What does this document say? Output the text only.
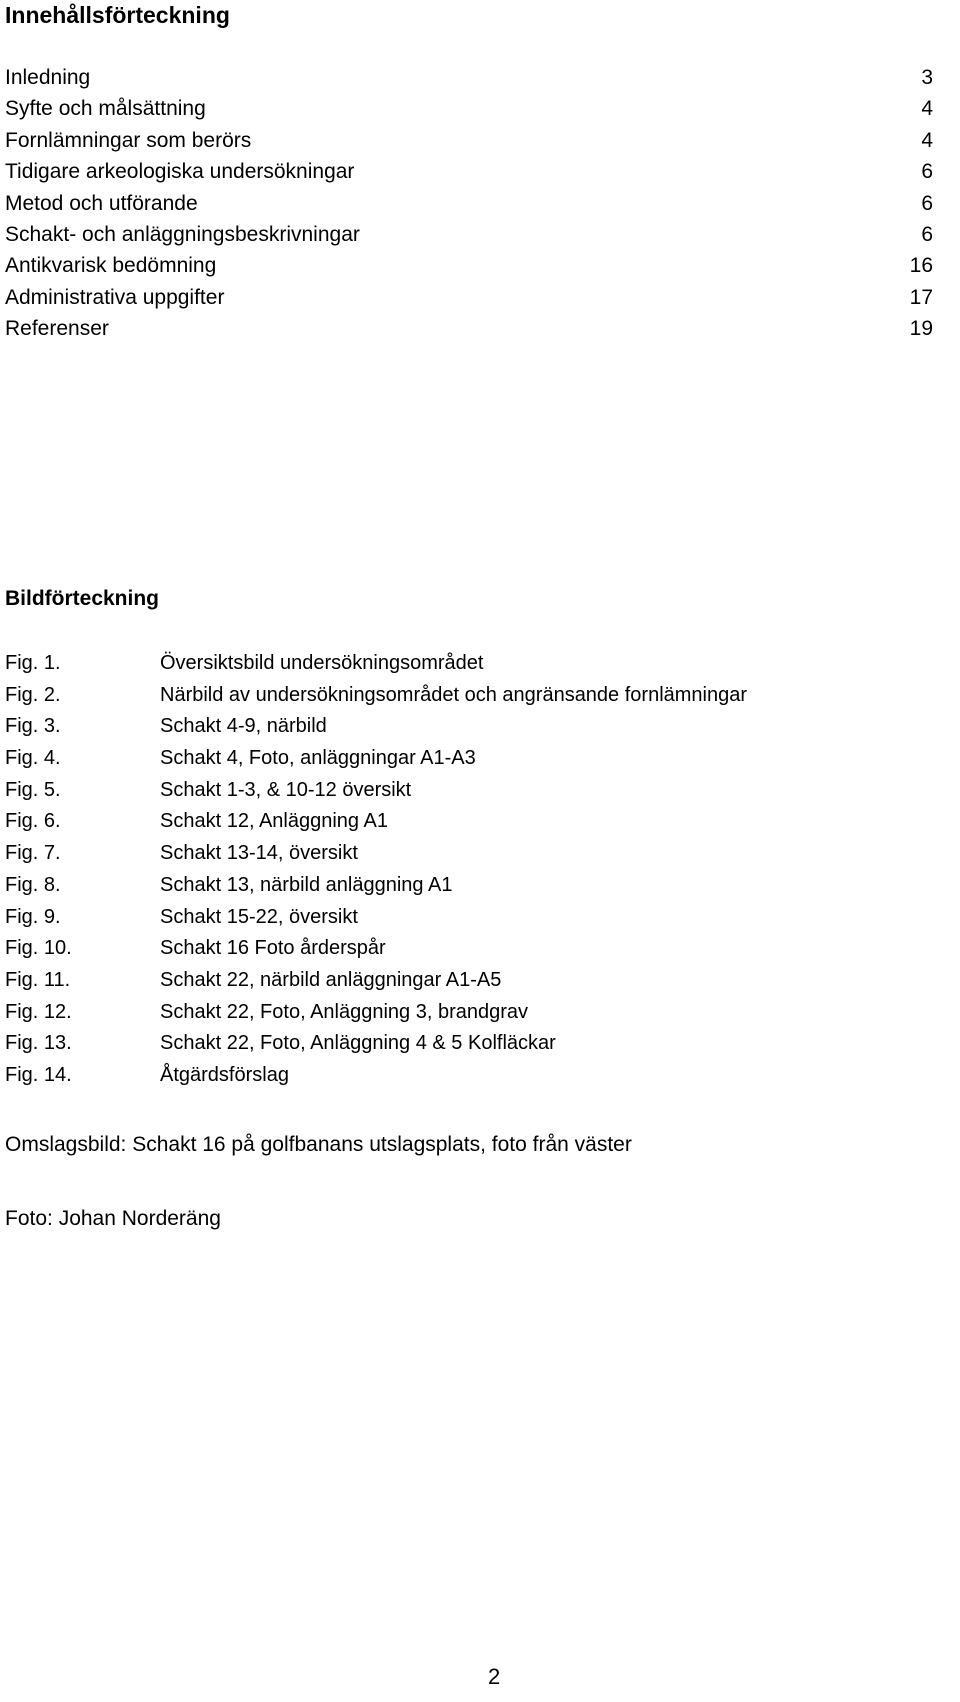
Innehållsförteckning
Inledning	3
Syfte och målsättning	4
Fornlämningar som berörs	4
Tidigare arkeologiska undersökningar	6
Metod och utförande	6
Schakt- och anläggningsbeskrivningar	6
Antikvarisk bedömning	16
Administrativa uppgifter	17
Referenser	19
Bildförteckning
Fig. 1.	Översiktsbild undersökningsområdet
Fig. 2.	Närbild av undersökningsområdet och angränsande fornlämningar
Fig. 3.	Schakt 4-9, närbild
Fig. 4.	Schakt 4, Foto, anläggningar A1-A3
Fig. 5.	Schakt 1-3, & 10-12 översikt
Fig. 6.	Schakt 12, Anläggning A1
Fig. 7.	Schakt 13-14, översikt
Fig. 8.	Schakt 13, närbild anläggning A1
Fig. 9.	Schakt 15-22, översikt
Fig. 10.	Schakt 16 Foto årderspår
Fig. 11.	Schakt 22, närbild anläggningar A1-A5
Fig. 12.	Schakt 22, Foto, Anläggning 3, brandgrav
Fig. 13.	Schakt 22, Foto, Anläggning 4 & 5 Kolfläckar
Fig. 14.	Åtgärdsförslag

Omslagsbild: Schakt 16 på golfbanans utslagsplats, foto från väster

Foto: Johan Norderäng

2
